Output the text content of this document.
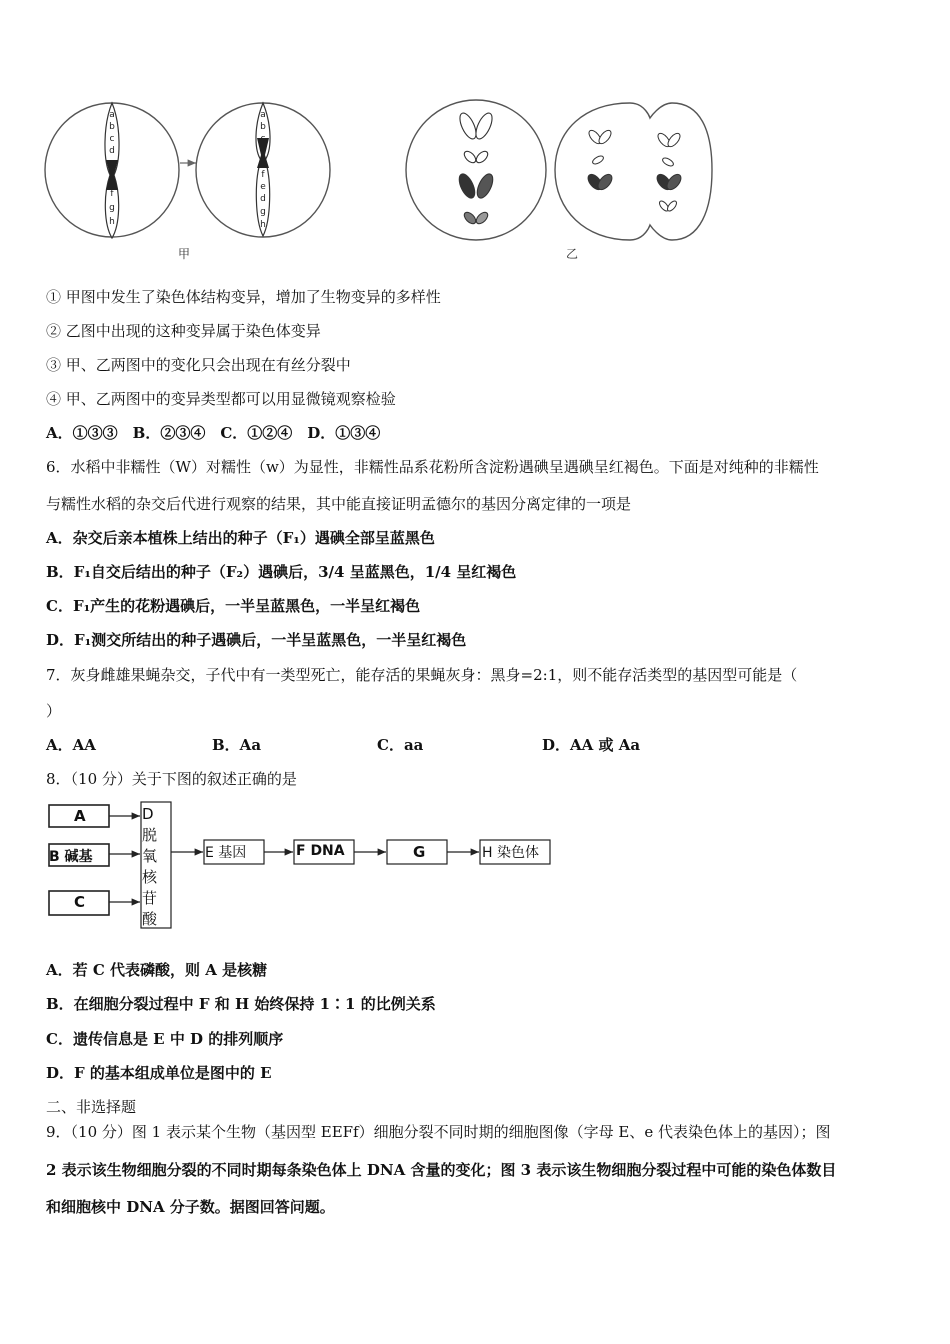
a
b
c
d
e
f
g
h
a
b
c
f
e
d
g
h
甲	乙
① 甲图中发生了染色体结构变异，增加了生物变异的多样性
② 乙图中出现的这种变异属于染色体变异
③ 甲、乙两图中的变化只会出现在有丝分裂中
④ 甲、乙两图中的变异类型都可以用显微镜观察检验
A．①③③　B．②③④　C．①②④　D．①③④
6．水稻中非糯性（W）对糯性（w）为显性，非糯性品系花粉所含淀粉遇碘呈遇碘呈红褐色。下面是对纯种的非糯性
与糯性水稻的杂交后代进行观察的结果，其中能直接证明孟德尔的基因分离定律的一项是
A．杂交后亲本植株上结出的种子（F₁）遇碘全部呈蓝黑色
B．F₁自交后结出的种子（F₂）遇碘后，3/4 呈蓝黑色，1/4 呈红褐色
C．F₁产生的花粉遇碘后，一半呈蓝黑色，一半呈红褐色
D．F₁测交所结出的种子遇碘后，一半呈蓝黑色，一半呈红褐色
7．灰身雌雄果蝇杂交，子代中有一类型死亡，能存活的果蝇灰身：黑身=2:1，则不能存活类型的基因型可能是（
）
A．AA	B．Aa	C．aa	D．AA 或 Aa
8．（10 分）关于下图的叙述正确的是
A
B 碱基
C
D 脱氧核苷酸
E 基因	F DNA	G	H 染色体
A．若 C 代表磷酸，则 A 是核糖
B．在细胞分裂过程中 F 和 H 始终保持 1∶1 的比例关系
C．遗传信息是 E 中 D 的排列顺序
D．F 的基本组成单位是图中的 E
二、非选择题
9．（10 分）图 1 表示某个生物（基因型 EEFf）细胞分裂不同时期的细胞图像（字母 E、e 代表染色体上的基因）；图
2 表示该生物细胞分裂的不同时期每条染色体上 DNA 含量的变化；图 3 表示该生物细胞分裂过程中可能的染色体数目
和细胞核中 DNA 分子数。据图回答问题。
